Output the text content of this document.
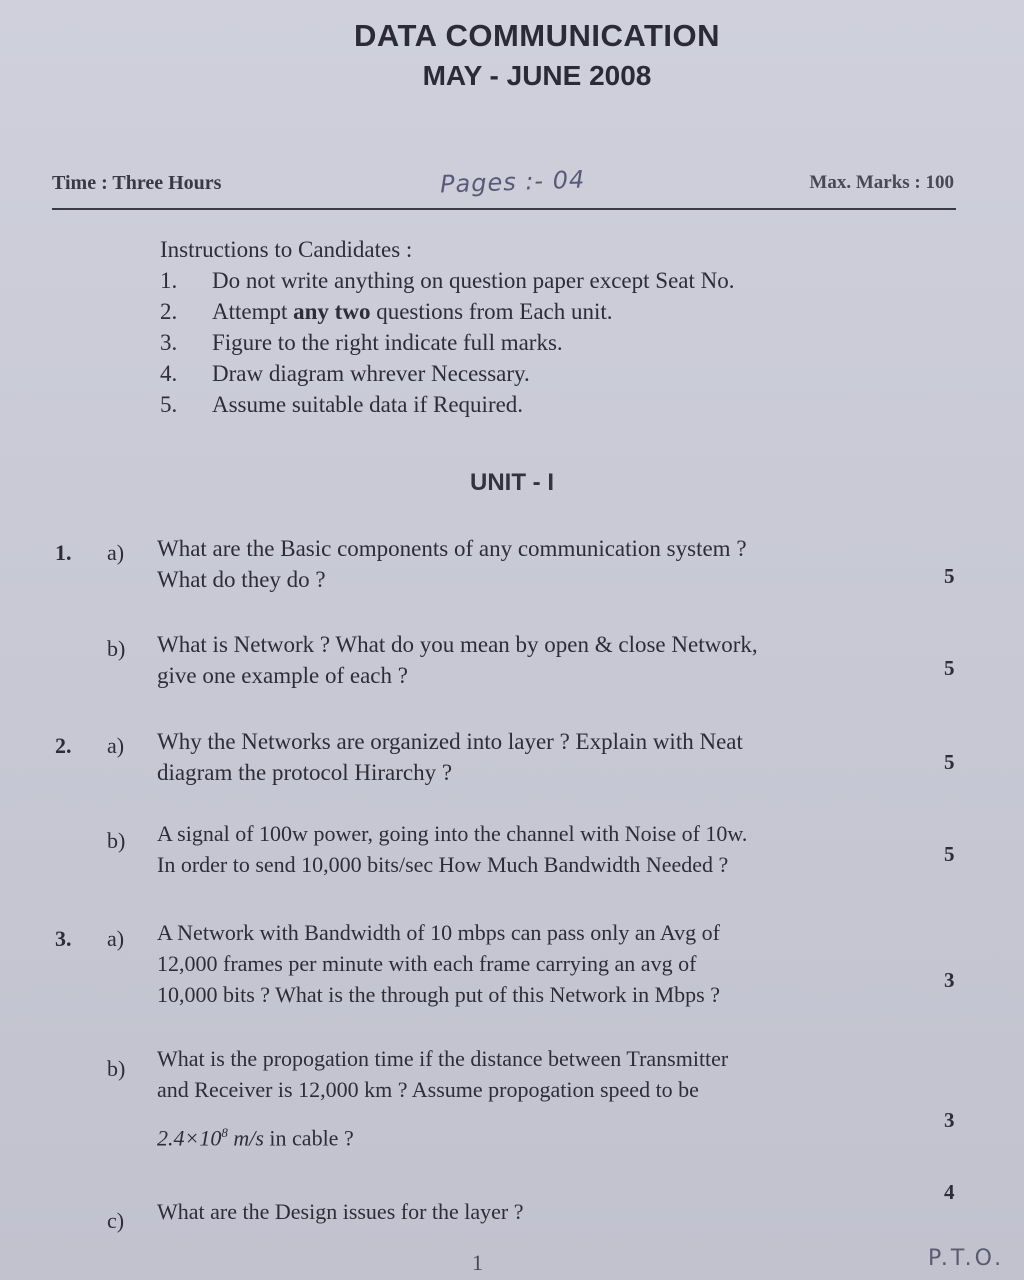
DATA COMMUNICATION
MAY - JUNE 2008
Time : Three Hours	Pages :- 04	Max. Marks : 100
Instructions to Candidates :
1. Do not write anything on question paper except Seat No.
2. Attempt any two questions from Each unit.
3. Figure to the right indicate full marks.
4. Draw diagram whrever Necessary.
5. Assume suitable data if Required.
UNIT - I
1. a) What are the Basic components of any communication system ?
What do they do ?	5
b) What is Network ? What do you mean by open & close Network,
give one example of each ?	5
2. a) Why the Networks are organized into layer ? Explain with Neat
diagram the protocol Hirarchy ?	5
b) A signal of 100w power, going into the channel with Noise of 10w.
In order to send 10,000 bits/sec How Much Bandwidth Needed ?	5
3. a) A Network with Bandwidth of 10 mbps can pass only an Avg of
12,000 frames per minute with each frame carrying an avg of
10,000 bits ? What is the through put of this Network in Mbps ?
3
b) What is the propogation time if the distance between Transmitter
and Receiver is 12,000 km ? Assume propogation speed to be
$2.4\times 10^8$ m/s in cable ?
3
c) What are the Design issues for the layer ?
4
1	P.T.O.
